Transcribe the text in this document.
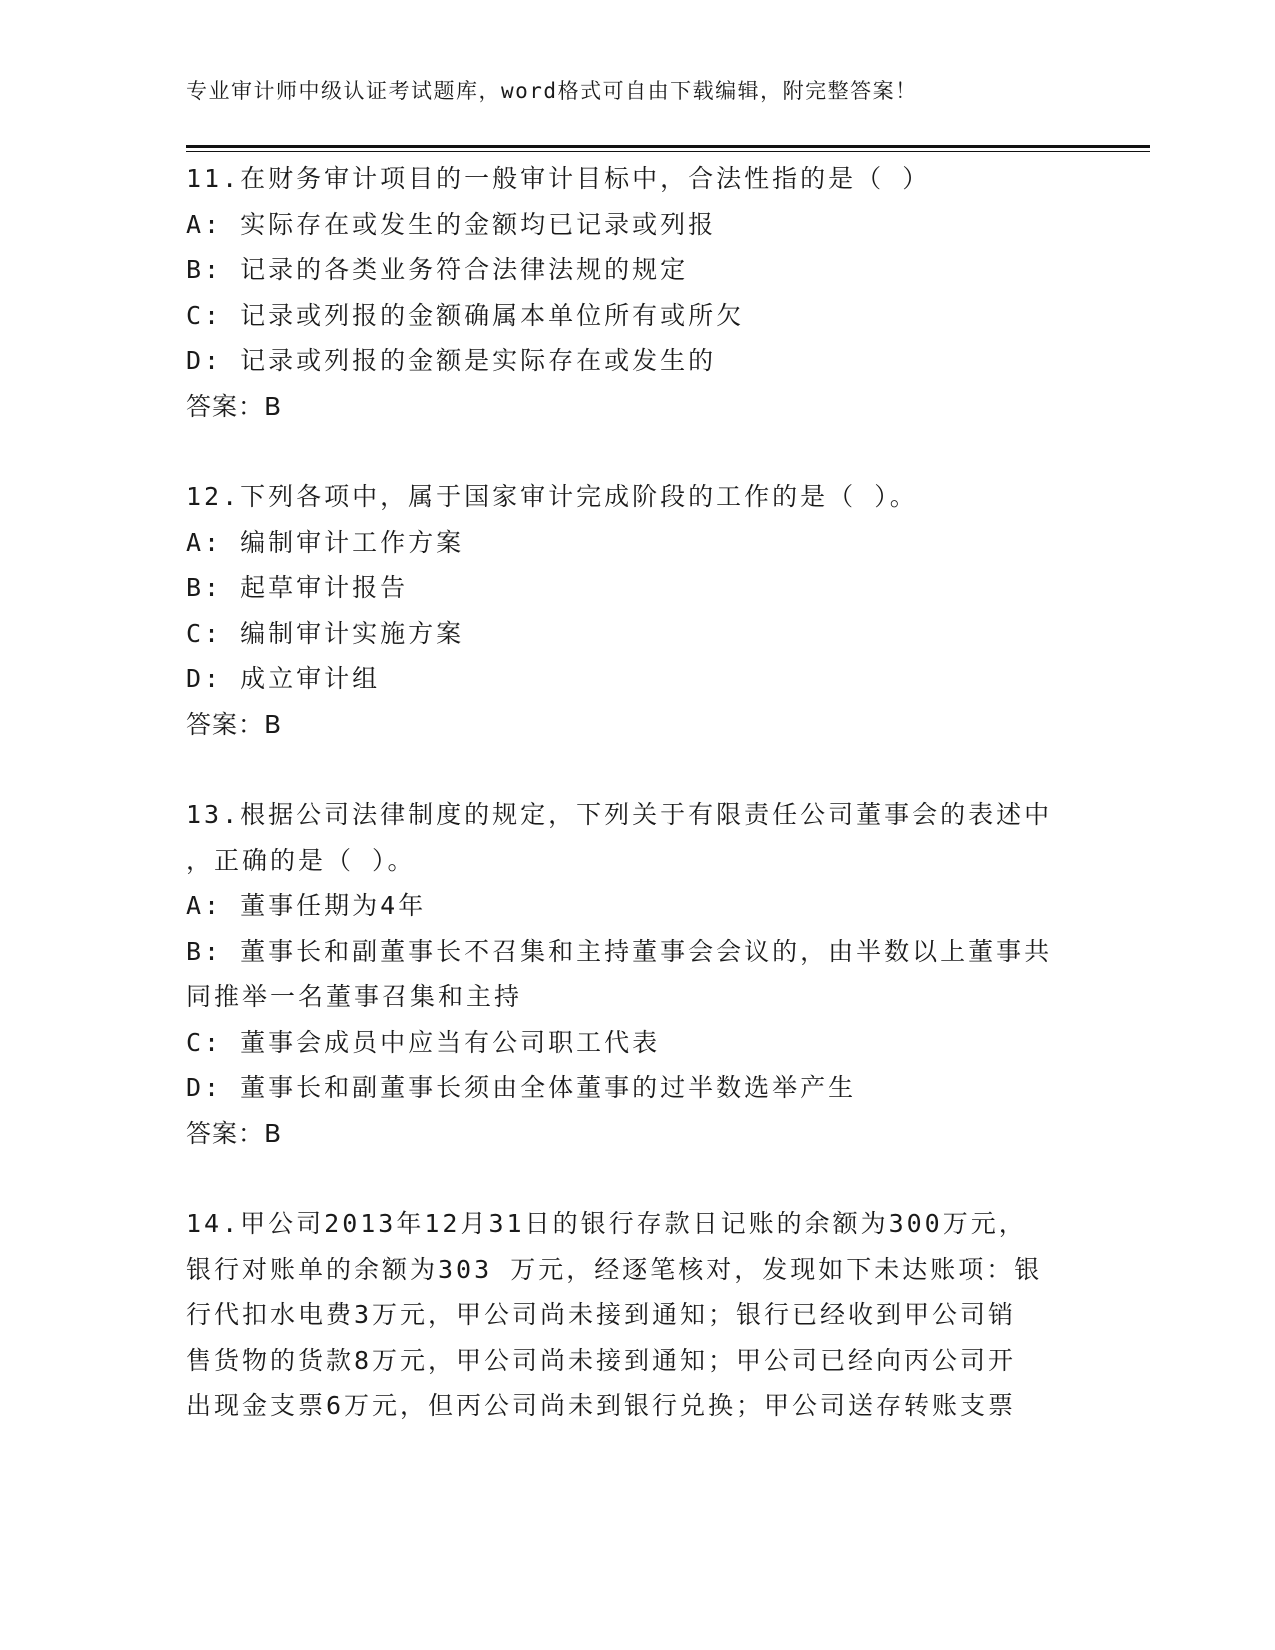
专业审计师中级认证考试题库，word格式可自由下载编辑，附完整答案！
11.在财务审计项目的一般审计目标中，合法性指的是（ ）
A: 实际存在或发生的金额均已记录或列报
B: 记录的各类业务符合法律法规的规定
C: 记录或列报的金额确属本单位所有或所欠
D: 记录或列报的金额是实际存在或发生的
答案：B
12.下列各项中，属于国家审计完成阶段的工作的是（ ）。
A: 编制审计工作方案
B: 起草审计报告
C: 编制审计实施方案
D: 成立审计组
答案：B
13.根据公司法律制度的规定，下列关于有限责任公司董事会的表述中
，正确的是（ ）。
A: 董事任期为4年
B: 董事长和副董事长不召集和主持董事会会议的，由半数以上董事共
同推举一名董事召集和主持
C: 董事会成员中应当有公司职工代表
D: 董事长和副董事长须由全体董事的过半数选举产生
答案：B
14.甲公司2013年12月31日的银行存款日记账的余额为300万元，
银行对账单的余额为303 万元，经逐笔核对，发现如下未达账项：银
行代扣水电费3万元，甲公司尚未接到通知；银行已经收到甲公司销
售货物的货款8万元，甲公司尚未接到通知；甲公司已经向丙公司开
出现金支票6万元，但丙公司尚未到银行兑换；甲公司送存转账支票
